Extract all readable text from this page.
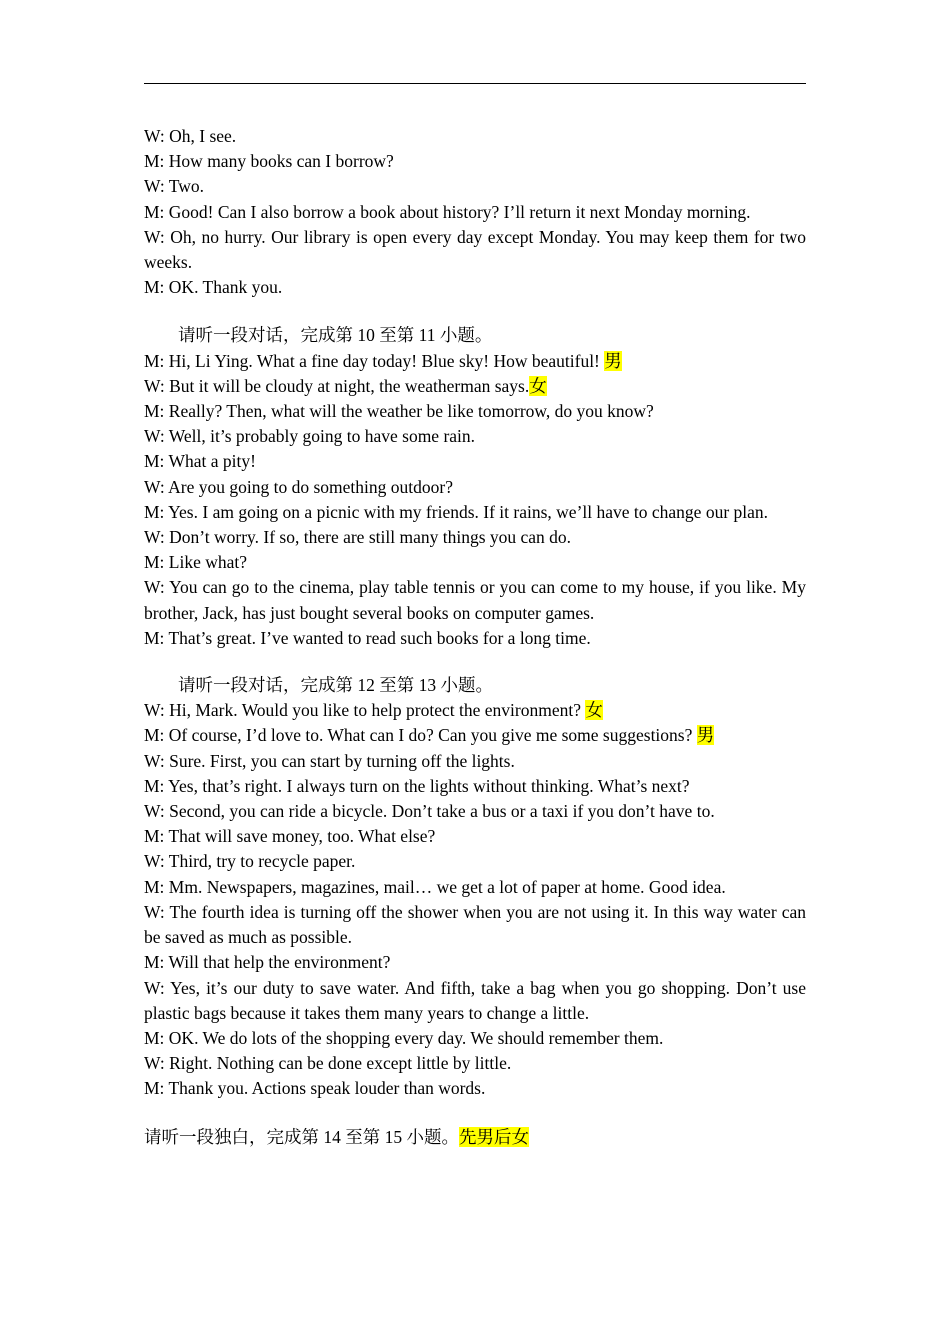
W: Oh, I see.

M: How many books can I borrow?

W: Two.

M: Good! Can I also borrow a book about history? I’ll return it next Monday morning.

W: Oh, no hurry. Our library is open every day except Monday. You may keep them for two weeks.

M: OK. Thank you.

请听一段对话，完成第 10 至第 11 小题。

M: Hi, Li Ying. What a fine day today! Blue sky! How beautiful! 男

W: But it will be cloudy at night, the weatherman says.女

M: Really? Then, what will the weather be like tomorrow, do you know?

W: Well, it’s probably going to have some rain.

M: What a pity!

W: Are you going to do something outdoor?

M: Yes. I am going on a picnic with my friends. If it rains, we’ll have to change our plan.

W: Don’t worry. If so, there are still many things you can do.

M: Like what?

W: You can go to the cinema, play table tennis or you can come to my house, if you like. My brother, Jack, has just bought several books on computer games.

M: That’s great. I’ve wanted to read such books for a long time.

请听一段对话，完成第 12 至第 13 小题。

W: Hi, Mark. Would you like to help protect the environment? 女

M: Of course, I’d love to. What can I do? Can you give me some suggestions? 男

W: Sure. First, you can start by turning off the lights.

M: Yes, that’s right. I always turn on the lights without thinking. What’s next?

W: Second, you can ride a bicycle. Don’t take a bus or a taxi if you don’t have to.

M: That will save money, too. What else?

W: Third, try to recycle paper.

M: Mm. Newspapers, magazines, mail… we get a lot of paper at home. Good idea.

W: The fourth idea is turning off the shower when you are not using it. In this way water can be saved as much as possible.

M: Will that help the environment?

W: Yes, it’s our duty to save water. And fifth, take a bag when you go shopping. Don’t use plastic bags because it takes them many years to change a little.

M: OK. We do lots of the shopping every day. We should remember them.

W: Right. Nothing can be done except little by little.

M: Thank you. Actions speak louder than words.

请听一段独白，完成第 14 至第 15 小题。先男后女
